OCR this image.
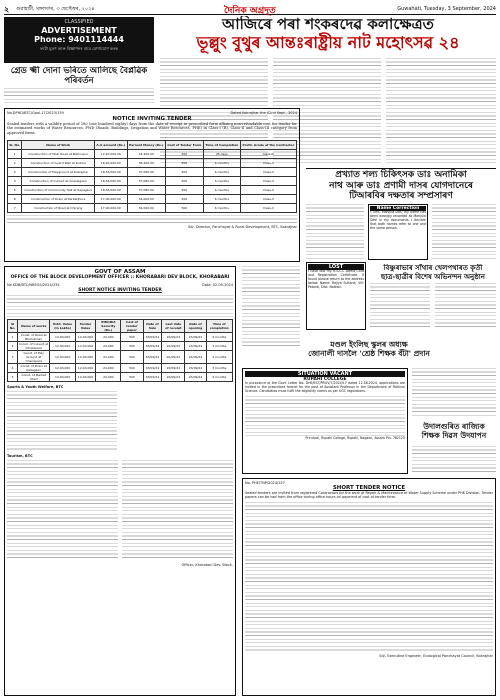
২ গুৱাহাটী, মঙ্গলবাৰ, ৩ ছেপ্টেম্বৰ, ২০২৪	দৈনিক অগ্ৰদূত	Guwahati, Tuesday, 3 September, 2024
CLASSIFIED
ADVERTISEMENT
Phone: 9401114444
ফটো মুদ্ৰণ আৰু বিজ্ঞাপনৰ বাবে যোগাযোগ কৰক
আজিৰে পৰা শংকৰদেৱ কলাক্ষেত্ৰত
ভূল্লুং বুথুৰ আন্তঃৰাষ্ট্ৰীয় নাট মহোৎসৱ ২৪
গ্ৰেড ক্ষ্মী দোনা ভৰিতে আলিছে বৈপ্লৱিক পৰিবৰ্তন
No.DPHD/BTC/Goal-17/2023/139	Dated Kokrajhar the 02nd Sept., 2024
NOTICE INVITING TENDER
Sealed tenders with a validity period of 180 (one hundred eighty) days from the date of receipt in prescribed form affixing non-refundable cost for tender for the estimated works of Water Resources, PWD (Roads, Buildings, Irrigation and Water Resources, PHE) in Class-I (B), Class-II and Class-III category from approved firms.
Sl. No.	Name of Work	A.A amount (Rs.)	Earnest Money (Rs.)	Cost of Tender Form	Time of Completion	Prefd. Grade of the Contractor
1	Construction of Main Road at Bishnupur	12,20,000.00	24,400.00	500	45 days	Class-III
2	Construction of Guard Wall at Dotma	18,20,000.00	36,400.00	500	6 months	Class-II
3	Construction of Playground at Kokrajhar	18,54,000.00	37,080.00	500	6 months	Class-II
4	Construction of Culvert at Gossaigaon	18,54,000.00	37,080.00	500	6 months	Class-II
5	Construction of Community Hall at Kajalgaon	18,54,000.00	37,080.00	500	6 months	Class-II
6	Construction of Drain at Parbatjhora	17,00,000.00	34,000.00	500	6 months	Class-II
7	Construction of Road at Chirang	17,00,000.00	34,000.00	500	6 months	Class-II
Sd/- Director, Panchayat & Rural Development, BTC, Kokrajhar
GOVT OF ASSAM
OFFICE OF THE BLOCK DEVELOPMENT OFFICER :: KHORABARI DEV BLOCK, KHORABARI
No KDB/BTC/NREGS/2024/334	Date: 02-09-2024
SHORT NOTICE INVITING TENDER
Sl No.	Name of works	Estd. Value (in Lakhs)	Tender Value	EMD/Bid Security (Rs.)	Cost of tender paper	Date of Sale	Last date of receipt	Date of opening	Time of completion
1	Const. of Road at Bhalukmari	12,00,000	12,00,000	24,000	500	03/09/24	20/09/24	23/09/24	3 months
2	Const. of Culvert at Dhuliapara	12,00,000	12,00,000	24,000	500	03/09/24	20/09/24	23/09/24	3 months
3	Const. of Play Ground at Chanapara	12,00,000	12,00,000	24,000	500	03/09/24	20/09/24	23/09/24	3 months
4	Const. of Drain at Kalaigaon	12,00,000	12,00,000	24,000	500	03/09/24	20/09/24	23/09/24	3 months
5	Const. of Market Shed	12,00,000	12,00,000	24,000	500	03/09/24	20/09/24	23/09/24	3 months
Sports & Youth Welfare, BTC
Tourism, BTC
Officer, Khorabari Dev. Block.
প্ৰখ্যাত শল্য চিকিৎসক ডাঃ অনামিকা
নাথ আৰু ডাঃ প্ৰণামী দাসৰ যোগদানেৰে
টিআৰবিৰ দক্ষতাৰ সম্প্ৰসাৰণ
Name Correction
I, Smt. Manjula Das, my name has been wrongly recorded as Manjula Devi in my documents. I declare that both names refer to one and the same person.
LOST
I have lost my H.S.L.C Admit Card and Registration Certificate. If found please return to the address below. Name: Rajiya Sultana, Vill: Patardi, Dist: Nalbari.
বিষ্ণুৰাভাৰ সাঁথাৰ খেলপথাৰত কৃতী
ছাত্ৰ-ছাত্ৰীৰ বিশেষ অভিনন্দন অনুষ্ঠান
মণ্ডল ইংলিছ স্কুলৰ অধ্যক্ষ
জোনালী দাসলৈ 'শ্ৰেষ্ঠ শিক্ষক বঁটা' প্ৰদান
SITUATION VACANT
RUPAHI COLLEGE
In pursuance of the Govt. Letter No. DHE/EST/PROV/7/2024/17 dated 12.06.2024, applications are invited in the prescribed format for the post of Assistant Professor in the Department of Political Science. Candidates must fulfil the eligibility norms as per UGC regulations.
Principal, Rupahi College, Rupahi, Nagaon, Assam Pin- 782125
উদালগুৰিত ৰাজ্যিক
শিক্ষক দিৱস উদযাপন
No. PHE/TNP/2024/157
SHORT TENDER NOTICE
Sealed tenders are invited from registered Contractors for the work of Repair & Maintenance of Water Supply Scheme under PHE Division. Tender papers can be had from the office during office hours on payment of cost of tender form.
Sd/- Executive Engineer, Ecological Panchayat Council, Kokrajhar
